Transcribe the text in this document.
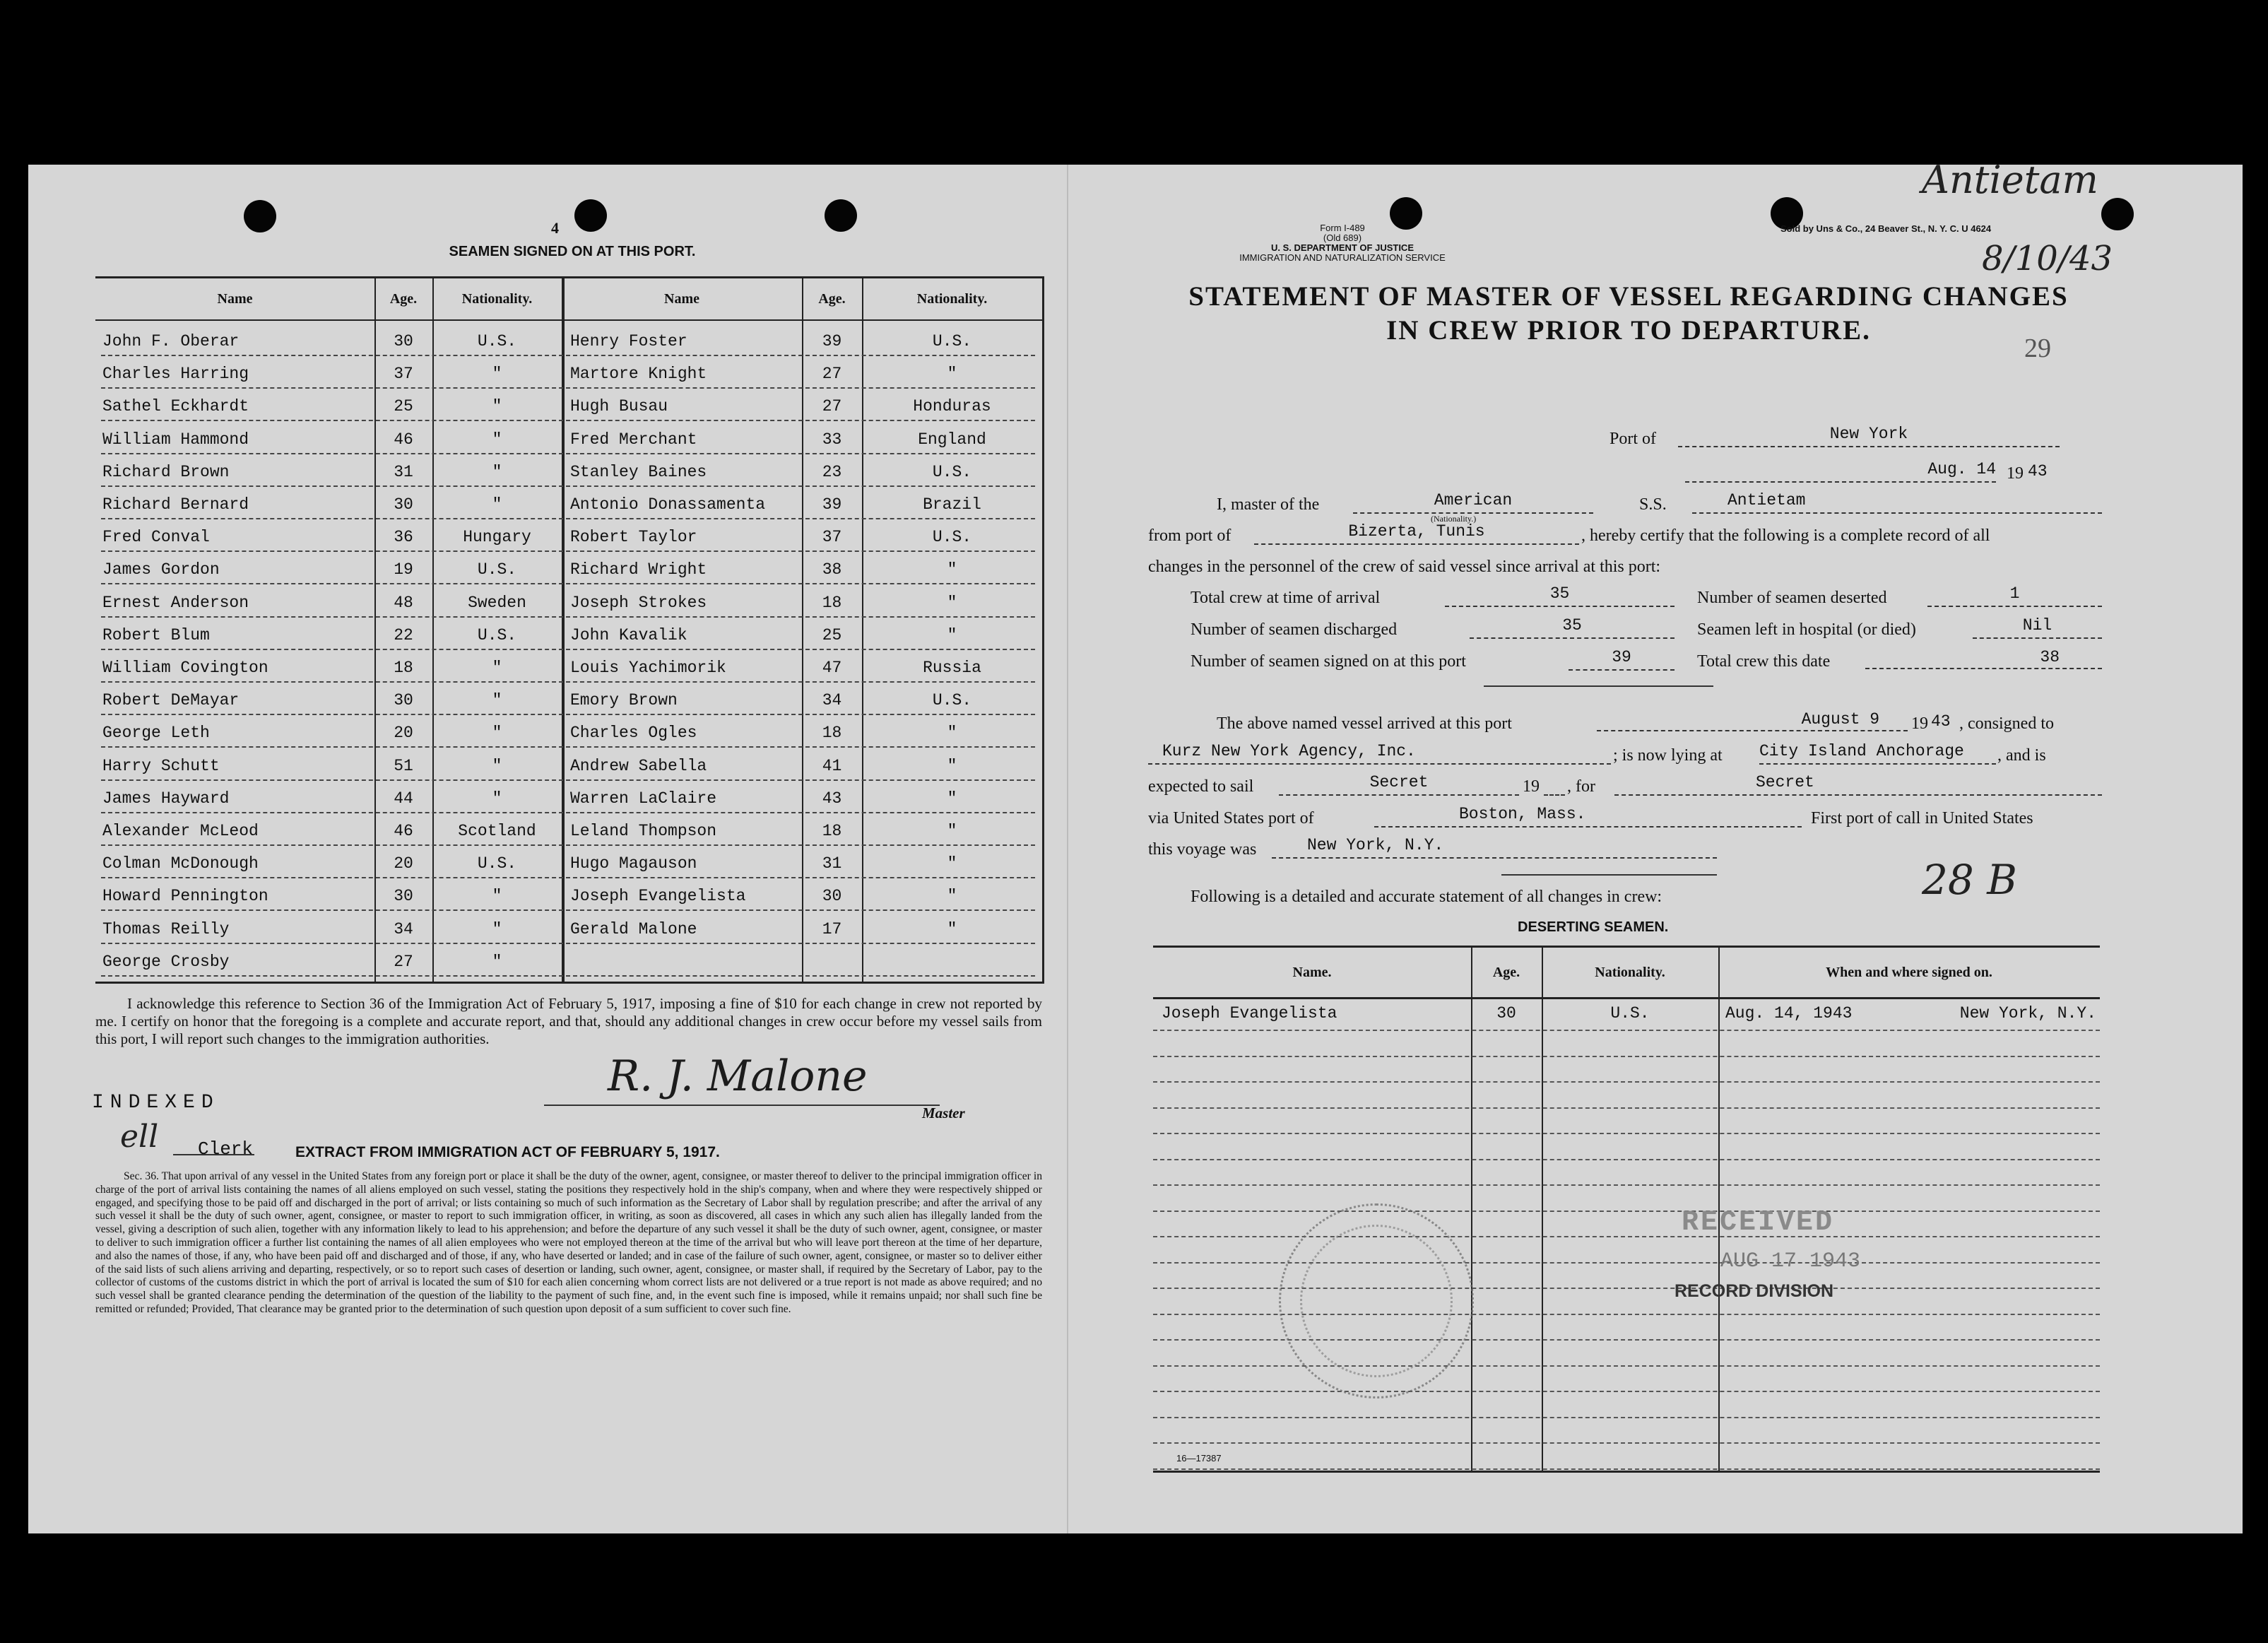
Antietam
8/10/43
29
28 B
4
SEAMEN SIGNED ON AT THIS PORT.
Name	Age.	Nationality.	Name	Age.	Nationality.
John F. Oberar	30	U.S.	Henry Foster	39	U.S.
Charles Harring	37	"	Martore Knight	27	"
Sathel Eckhardt	25	"	Hugh Busau	27	Honduras
William Hammond	46	"	Fred Merchant	33	England
Richard Brown	31	"	Stanley Baines	23	U.S.
Richard Bernard	30	"	Antonio Donassamenta	39	Brazil
Fred Conval	36	Hungary	Robert Taylor	37	U.S.
James Gordon	19	U.S.	Richard Wright	38	"
Ernest Anderson	48	Sweden	Joseph Strokes	18	"
Robert Blum	22	U.S.	John Kavalik	25	"
William Covington	18	"	Louis Yachimorik	47	Russia
Robert DeMayar	30	"	Emory Brown	34	U.S.
George Leth	20	"	Charles Ogles	18	"
Harry Schutt	51	"	Andrew Sabella	41	"
James Hayward	44	"	Warren LaClaire	43	"
Alexander McLeod	46	Scotland	Leland Thompson	18	"
Colman McDonough	20	U.S.	Hugo Magauson	31	"
Howard Pennington	30	"	Joseph Evangelista	30	"
Thomas Reilly	34	"	Gerald Malone	17	"
George Crosby	27	"
I acknowledge this reference to Section 36 of the Immigration Act of February 5, 1917, imposing a fine of $10 for each change in crew not reported by me. I certify on honor that the foregoing is a complete and accurate report, and that, should any additional changes in crew occur before my vessel sails from this port, I will report such changes to the immigration authorities.
INDEXED
ell Clerk
R. J. Malone
Master
EXTRACT FROM IMMIGRATION ACT OF FEBRUARY 5, 1917.
Sec. 36. That upon arrival of any vessel in the United States from any foreign port or place it shall be the duty of the owner, agent, consignee, or master thereof to deliver to the principal immigration officer in charge of the port of arrival lists containing the names of all aliens employed on such vessel, stating the positions they respectively hold in the ship's company, when and where they were respectively shipped or engaged, and specifying those to be paid off and discharged in the port of arrival; or lists containing so much of such information as the Secretary of Labor shall by regulation prescribe; and after the arrival of any such vessel it shall be the duty of such owner, agent, consignee, or master to report to such immigration officer, in writing, as soon as discovered, all cases in which any such alien has illegally landed from the vessel, giving a description of such alien, together with any information likely to lead to his apprehension; and before the departure of any such vessel it shall be the duty of such owner, agent, consignee, or master to deliver to such immigration officer a further list containing the names of all alien employees who were not employed thereon at the time of the arrival but who will leave port thereon at the time of her departure, and also the names of those, if any, who have been paid off and discharged and of those, if any, who have deserted or landed; and in case of the failure of such owner, agent, consignee, or master so to deliver either of the said lists of such aliens arriving and departing, respectively, or so to report such cases of desertion or landing, such owner, agent, consignee, or master shall, if required by the Secretary of Labor, pay to the collector of customs of the customs district in which the port of arrival is located the sum of $10 for each alien concerning whom correct lists are not delivered or a true report is not made as above required; and no such vessel shall be granted clearance pending the determination of the question of the liability to the payment of such fine, and, in the event such fine is imposed, while it remains unpaid; nor shall such fine be remitted or refunded; Provided, That clearance may be granted prior to the determination of such question upon deposit of a sum sufficient to cover such fine.
Form I-489
(Old 689)
U. S. DEPARTMENT OF JUSTICE
IMMIGRATION AND NATURALIZATION SERVICE
Sold by Uns & Co., 24 Beaver St., N. Y. C. U 4624
STATEMENT OF MASTER OF VESSEL REGARDING CHANGES
IN CREW PRIOR TO DEPARTURE.
Port of	New York
Aug. 14 19 43
I, master of the	American
(Nationality.)
S.S.	Antietam
from port of	Bizerta, Tunis	, hereby certify that the following is a complete record of all
changes in the personnel of the crew of said vessel since arrival at this port:
Total crew at time of arrival	35	Number of seamen deserted	1
Number of seamen discharged	35	Seamen left in hospital (or died)	Nil
Number of seamen signed on at this port	39	Total crew this date	38
The above named vessel arrived at this port	August 9	19 43 , consigned to
Kurz New York Agency, Inc.	; is now lying at City Island Anchorage	, and is
expected to sail	Secret	19 , for	Secret
via United States port of	Boston, Mass.	First port of call in United States
this voyage was	New York, N.Y.
Following is a detailed and accurate statement of all changes in crew:
DESERTING SEAMEN.
Name.	Age.	Nationality.	When and where signed on.
Joseph Evangelista	30	U.S.	Aug. 14, 1943	New York, N.Y.
RECEIVED
AUG 17 1943
RECORD DIVISION
16—17387
